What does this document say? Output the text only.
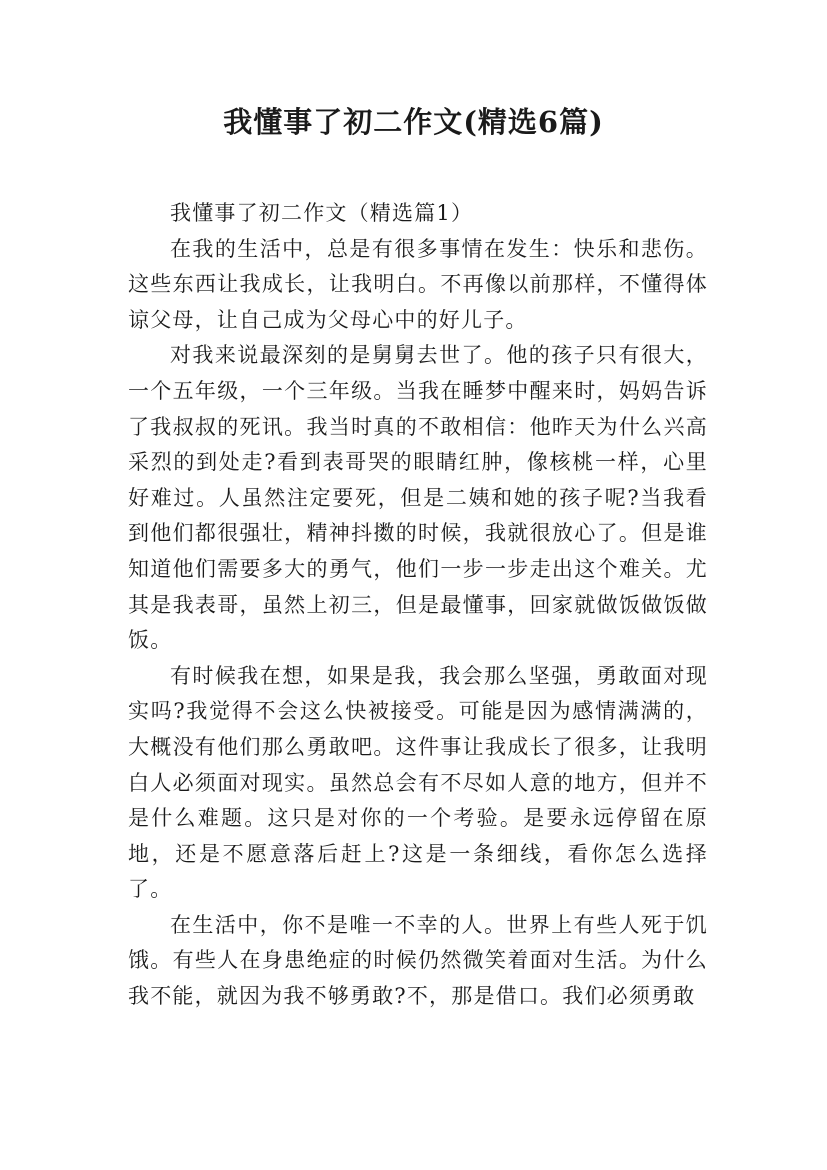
我懂事了初二作文(精选6篇)

我懂事了初二作文（精选篇1）

在我的生活中，总是有很多事情在发生：快乐和悲伤。这些东西让我成长，让我明白。不再像以前那样，不懂得体谅父母，让自己成为父母心中的好儿子。

对我来说最深刻的是舅舅去世了。他的孩子只有很大，一个五年级，一个三年级。当我在睡梦中醒来时，妈妈告诉了我叔叔的死讯。我当时真的不敢相信：他昨天为什么兴高采烈的到处走?看到表哥哭的眼睛红肿，像核桃一样，心里好难过。人虽然注定要死，但是二姨和她的孩子呢?当我看到他们都很强壮，精神抖擞的时候，我就很放心了。但是谁知道他们需要多大的勇气，他们一步一步走出这个难关。尤其是我表哥，虽然上初三，但是最懂事，回家就做饭做饭做饭。

有时候我在想，如果是我，我会那么坚强，勇敢面对现实吗?我觉得不会这么快被接受。可能是因为感情满满的，大概没有他们那么勇敢吧。这件事让我成长了很多，让我明白人必须面对现实。虽然总会有不尽如人意的地方，但并不是什么难题。这只是对你的一个考验。是要永远停留在原地，还是不愿意落后赶上?这是一条细线，看你怎么选择了。

在生活中，你不是唯一不幸的人。世界上有些人死于饥饿。有些人在身患绝症的时候仍然微笑着面对生活。为什么我不能，就因为我不够勇敢?不，那是借口。我们必须勇敢
